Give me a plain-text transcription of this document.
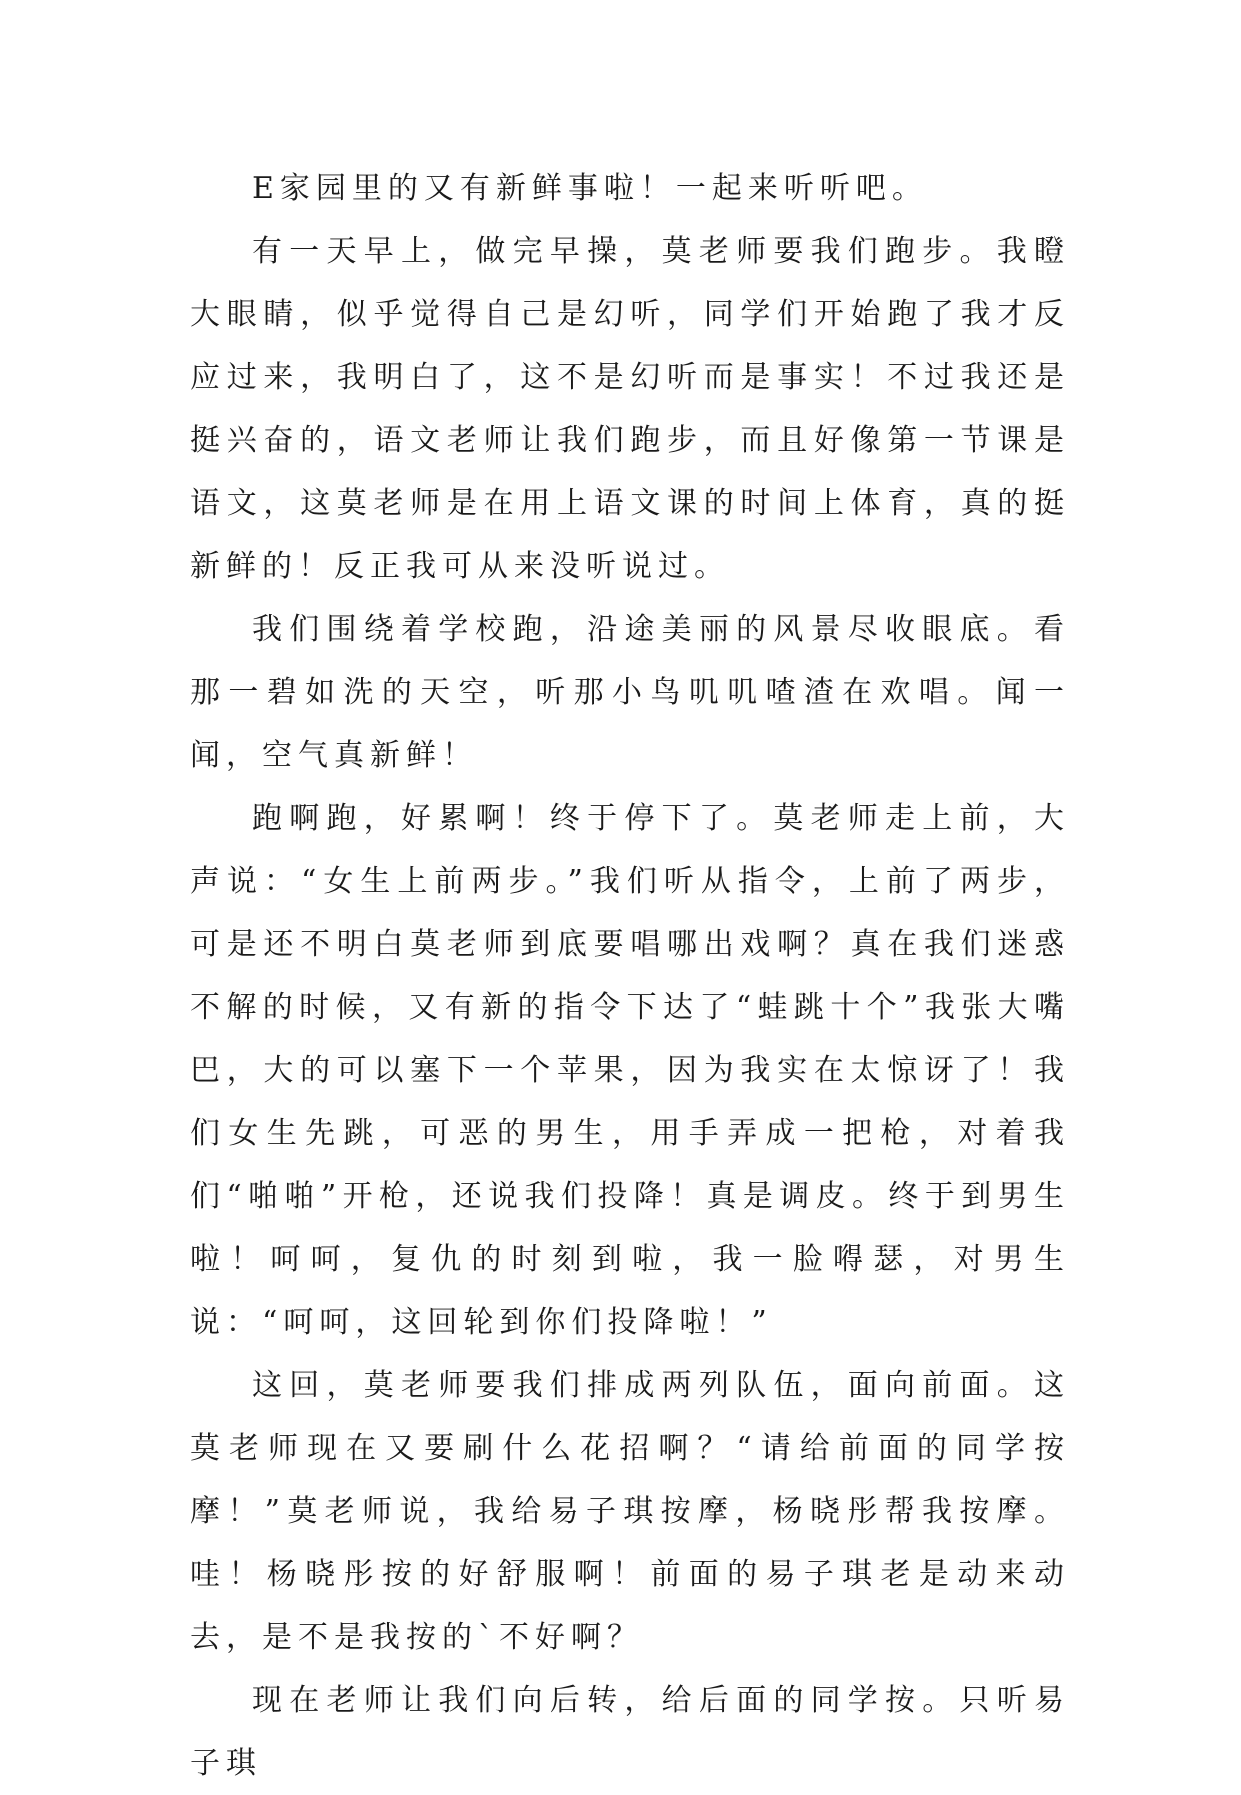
E家园里的又有新鲜事啦！一起来听听吧。

有一天早上，做完早操，莫老师要我们跑步。我瞪大眼睛，似乎觉得自己是幻听，同学们开始跑了我才反应过来，我明白了，这不是幻听而是事实！不过我还是挺兴奋的，语文老师让我们跑步，而且好像第一节课是语文，这莫老师是在用上语文课的时间上体育，真的挺新鲜的！反正我可从来没听说过。

我们围绕着学校跑，沿途美丽的风景尽收眼底。看那一碧如洗的天空，听那小鸟叽叽喳渣在欢唱。闻一闻，空气真新鲜！

跑啊跑，好累啊！终于停下了。莫老师走上前，大声说：“女生上前两步。”我们听从指令，上前了两步，可是还不明白莫老师到底要唱哪出戏啊？真在我们迷惑不解的时候，又有新的指令下达了“蛙跳十个”我张大嘴巴，大的可以塞下一个苹果，因为我实在太惊讶了！我们女生先跳，可恶的男生，用手弄成一把枪，对着我们“啪啪”开枪，还说我们投降！真是调皮。终于到男生啦！呵呵，复仇的时刻到啦，我一脸嘚瑟，对男生说：“呵呵，这回轮到你们投降啦！”

这回，莫老师要我们排成两列队伍，面向前面。这莫老师现在又要刷什么花招啊？“请给前面的同学按摩！”莫老师说，我给易子琪按摩，杨晓彤帮我按摩。哇！杨晓彤按的好舒服啊！前面的易子琪老是动来动去，是不是我按的`不好啊？

现在老师让我们向后转，给后面的同学按。只听易子琪
